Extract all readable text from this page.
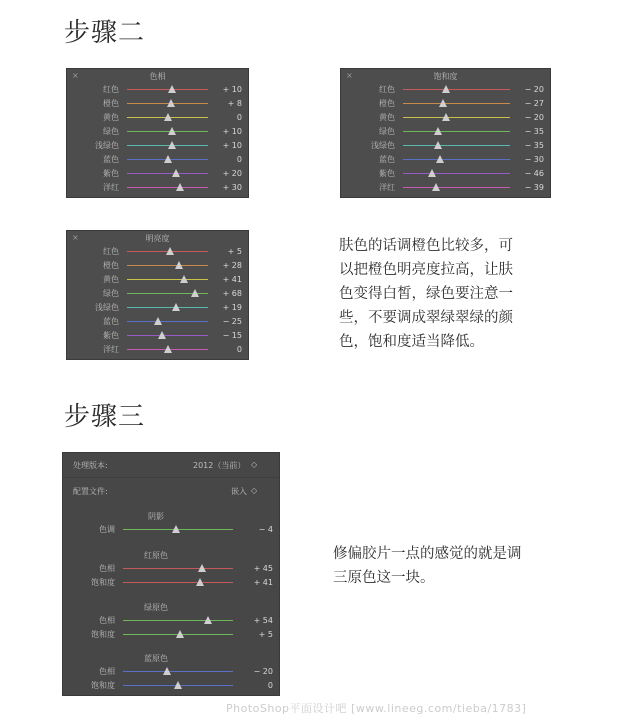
步骤二
×	色相
红色	+ 10
橙色	+ 8
黄色	0
绿色	+ 10
浅绿色	+ 10
蓝色	0
紫色	+ 20
洋红	+ 30
×	饱和度
红色	− 20
橙色	− 27
黄色	− 20
绿色	− 35
浅绿色	− 35
蓝色	− 30
紫色	− 46
洋红	− 39
×	明亮度
红色	+ 5
橙色	+ 28
黄色	+ 41
绿色	+ 68
浅绿色	+ 19
蓝色	− 25
紫色	− 15
洋红	0
肤色的话调橙色比较多，可
以把橙色明亮度拉高，让肤
色变得白皙，绿色要注意一
些，不要调成翠绿翠绿的颜
色，饱和度适当降低。
步骤三
处理版本:	2012（当前） ◇
配置文件:	嵌入 ◇
阴影
色调	− 4
红原色
色相	+ 45
饱和度	+ 41
绿原色
色相	+ 54
饱和度	+ 5
蓝原色
色相	− 20
饱和度	0
修偏胶片一点的感觉的就是调
三原色这一块。
PhotoShop平面设计吧 [www.lineeg.com/tieba/1783]
